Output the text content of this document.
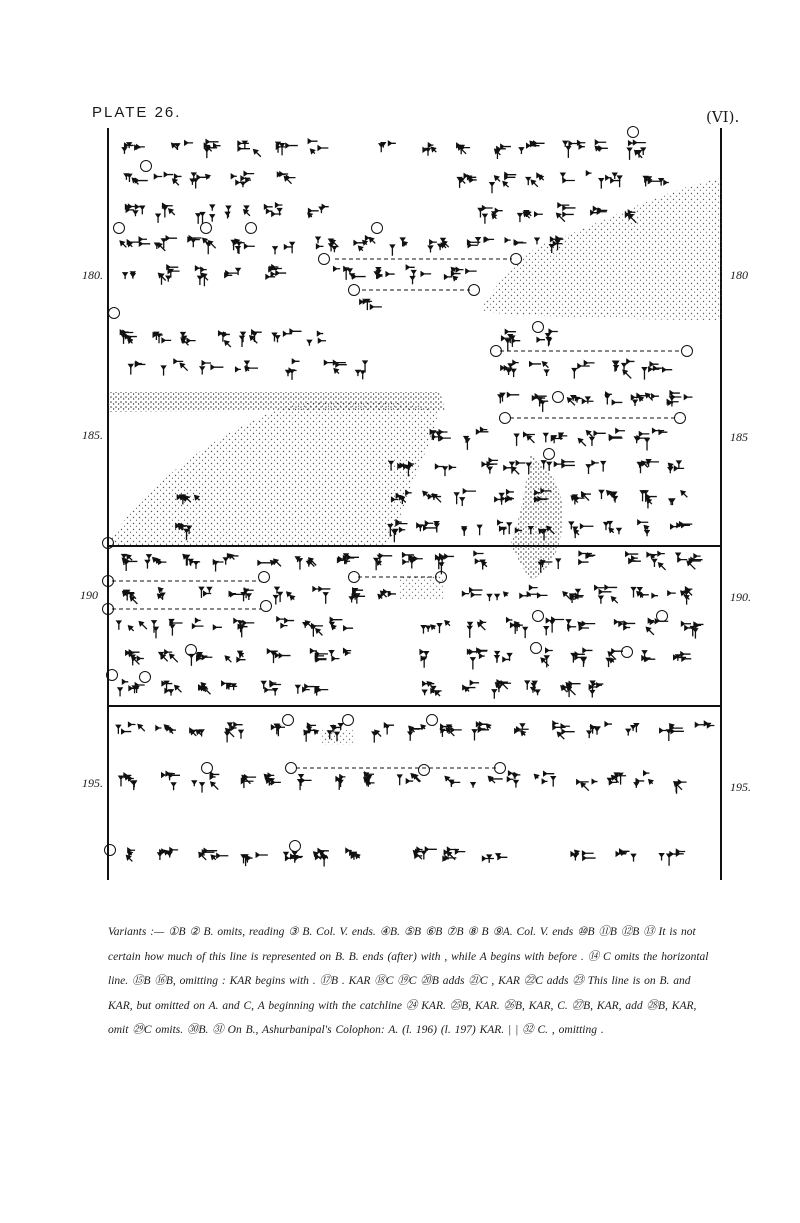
PLATE 26.	(VI).
180.	180
185.	185
190	190.
195.	195.
Variants :— ①B ② B. omits, reading ③ B. Col. V. ends. ④B. ⑤B ⑥B ⑦B ⑧ B ⑨A. Col. V. ends ⑩B ⑪B ⑫B ⑬ It is not certain how much of this line is represented on B. B. ends (after) with , while A begins with before . ⑭ C omits the horizontal line. ⑮B ⑯B, omitting : KAR begins with . ⑰B . KAR ⑱C ⑲C ⑳B adds ㉑C , KAR ㉒C adds ㉓ This line is on B. and KAR, but omitted on A. and C, A beginning with the catchline ㉔ KAR. ㉕B, KAR. ㉖B, KAR, C. ㉗B, KAR, add ㉘B, KAR, omit ㉙C omits. ㉚B. ㉛ On B., Ashurbanipal's Colophon: A. (l. 196) (l. 197) KAR. | | ㉜ C. , omitting .
